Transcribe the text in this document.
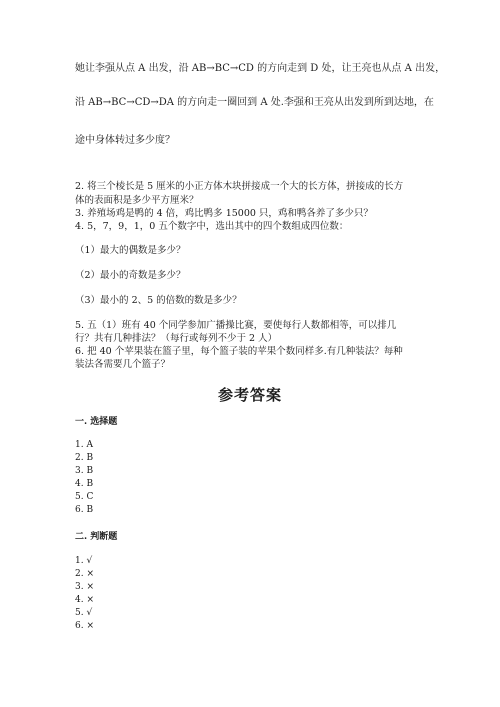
她让李强从点 A 出发，沿 AB→BC→CD 的方向走到 D 处，让王亮也从点 A 出发，
沿 AB→BC→CD→DA 的方向走一圈回到 A 处.李强和王亮从出发到所到达地，在
途中身体转过多少度？
2. 将三个棱长是 5 厘米的小正方体木块拼接成一个大的长方体，拼接成的长方
体的表面积是多少平方厘米？
3. 养殖场鸡是鸭的 4 倍，鸡比鸭多 15000 只，鸡和鸭各养了多少只？
4. 5，7，9，1，0 五个数字中，选出其中的四个数组成四位数：
（1）最大的偶数是多少？
（2）最小的奇数是多少？
（3）最小的 2、5 的倍数的数是多少？
5. 五（1）班有 40 个同学参加广播操比赛，要使每行人数都相等，可以排几
行？共有几种排法？（每行或每列不少于 2 人）
6. 把 40 个苹果装在篮子里，每个篮子装的苹果个数同样多.有几种装法？每种
装法各需要几个篮子？
参考答案
一. 选择题
1. A
2. B
3. B
4. B
5. C
6. B
二. 判断题
1. √
2. ×
3. ×
4. ×
5. √
6. ×
